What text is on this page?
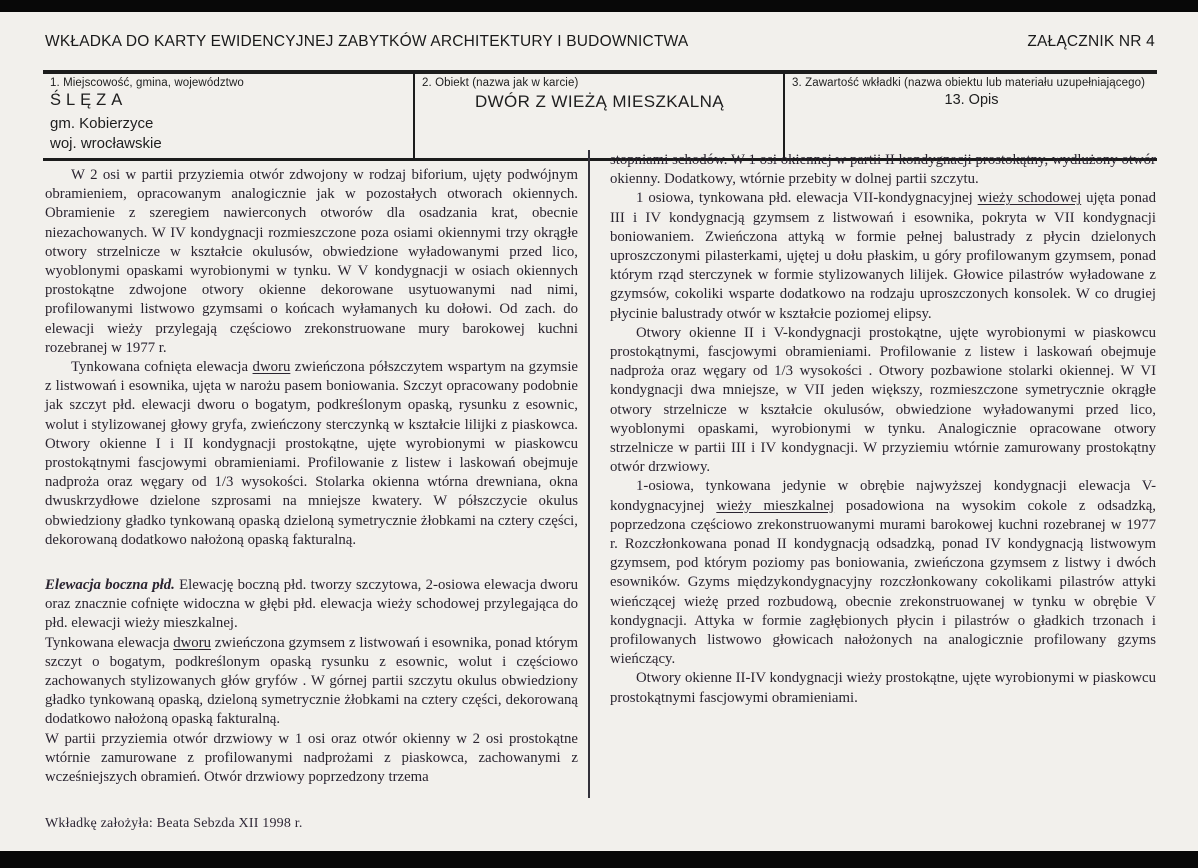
WKŁADKA DO KARTY EWIDENCYJNEJ ZABYTKÓW ARCHITEKTURY I BUDOWNICTWA	ZAŁĄCZNIK NR 4
1. Miejscowość, gmina, województwo
ŚLĘZA
gm. Kobierzyce
woj. wrocławskie
2. Obiekt (nazwa jak w karcie)
DWÓR Z WIEŻĄ MIESZKALNĄ
3. Zawartość wkładki (nazwa obiektu lub materiału uzupełniającego)
13. Opis

W 2 osi w partii przyziemia otwór zdwojony w rodzaj biforium, ujęty podwójnym obramieniem, opracowanym analogicznie jak w pozostałych otworach okiennych. Obramienie z szeregiem nawierconych otworów dla osadzania krat, obecnie niezachowanych. W IV kondygnacji rozmieszczone poza osiami okiennymi trzy okrągłe otwory strzelnicze w kształcie okulusów, obwiedzione wyładowanymi przed lico, wyoblonymi opaskami wyrobionymi w tynku. W V kondygnacji w osiach okiennych prostokątne zdwojone otwory okienne dekorowane usytuowanymi nad nimi, profilowanymi listwowo gzymsami o końcach wyłamanych ku dołowi. Od zach. do elewacji wieży przylegają częściowo zrekonstruowane mury barokowej kuchni rozebranej w 1977 r.

Tynkowana cofnięta elewacja dworu zwieńczona półszczytem wspartym na gzymsie z listwowań i esownika, ujęta w narożu pasem boniowania. Szczyt opracowany podobnie jak szczyt płd. elewacji dworu o bogatym, podkreślonym opaską, rysunku z esownic, wolut i stylizowanej głowy gryfa, zwieńczony sterczynką w kształcie lilijki z piaskowca. Otwory okienne I i II kondygnacji prostokątne, ujęte wyrobionymi w piaskowcu prostokątnymi fascjowymi obramieniami. Profilowanie z listew i laskowań obejmuje nadproża oraz węgary od 1/3 wysokości. Stolarka okienna wtórna drewniana, okna dwuskrzydłowe dzielone szprosami na mniejsze kwatery. W półszczycie okulus obwiedziony gładko tynkowaną opaską dzieloną symetrycznie żłobkami na cztery części, dekorowaną dodatkowo nałożoną opaską fakturalną.

Elewacja boczna płd. Elewację boczną płd. tworzy szczytowa, 2-osiowa elewacja dworu oraz znacznie cofnięte widoczna w głębi płd. elewacja wieży schodowej przylegająca do płd. elewacji wieży mieszkalnej.

Tynkowana elewacja dworu zwieńczona gzymsem z listwowań i esownika, ponad którym szczyt o bogatym, podkreślonym opaską rysunku z esownic, wolut i częściowo zachowanych stylizowanych głów gryfów . W górnej partii szczytu okulus obwiedziony gładko tynkowaną opaską, dzieloną symetrycznie żłobkami na cztery części, dekorowaną dodatkowo nałożoną opaską fakturalną.

W partii przyziemia otwór drzwiowy w 1 osi oraz otwór okienny w 2 osi prostokątne wtórnie zamurowane z profilowanymi nadprożami z piaskowca, zachowanymi z wcześniejszych obramień. Otwór drzwiowy poprzedzony trzema

stopniami schodów. W 1 osi okiennej w partii II kondygnacji prostokątny, wydłużony otwór okienny. Dodatkowy, wtórnie przebity w dolnej partii szczytu.

1 osiowa, tynkowana płd. elewacja VII-kondygnacyjnej wieży schodowej ujęta ponad III i IV kondygnacją gzymsem z listwowań i esownika, pokryta w VII kondygnacji boniowaniem. Zwieńczona attyką w formie pełnej balustrady z płycin dzielonych uproszczonymi pilasterkami, ujętej u dołu płaskim, u góry profilowanym gzymsem, ponad którym rząd sterczynek w formie stylizowanych lilijek. Głowice pilastrów wyładowane z gzymsów, cokoliki wsparte dodatkowo na rodzaju uproszczonych konsolek. W co drugiej płycinie balustrady otwór w kształcie poziomej elipsy.

Otwory okienne II i V-kondygnacji prostokątne, ujęte wyrobionymi w piaskowcu prostokątnymi, fascjowymi obramieniami. Profilowanie z listew i laskowań obejmuje nadproża oraz węgary od 1/3 wysokości . Otwory pozbawione stolarki okiennej. W VI kondygnacji dwa mniejsze, w VII jeden większy, rozmieszczone symetrycznie okrągłe otwory strzelnicze w kształcie okulusów, obwiedzione wyładowanymi przed lico, wyoblonymi opaskami, wyrobionymi w tynku. Analogicznie opracowane otwory strzelnicze w partii III i IV kondygnacji. W przyziemiu wtórnie zamurowany prostokątny otwór drzwiowy.

1-osiowa, tynkowana jedynie w obrębie najwyższej kondygnacji elewacja V-kondygnacyjnej wieży mieszkalnej posadowiona na wysokim cokole z odsadzką, poprzedzona częściowo zrekonstruowanymi murami barokowej kuchni rozebranej w 1977 r. Rozczłonkowana ponad II kondygnacją odsadzką, ponad IV kondygnacją listwowym gzymsem, pod którym poziomy pas boniowania, zwieńczona gzymsem z listwy i dwóch esowników. Gzyms międzykondygnacyjny rozczłonkowany cokolikami pilastrów attyki wieńczącej wieżę przed rozbudową, obecnie zrekonstruowanej w tynku w obrębie V kondygnacji. Attyka w formie zagłębionych płycin i pilastrów o gładkich trzonach i profilowanych listwowo głowicach nałożonych na analogicznie profilowany gzyms wieńczący.

Otwory okienne II-IV kondygnacji wieży prostokątne, ujęte wyrobionymi w piaskowcu prostokątnymi fascjowymi obramieniami.

Wkładkę założyła: Beata Sebzda XII 1998 r.
